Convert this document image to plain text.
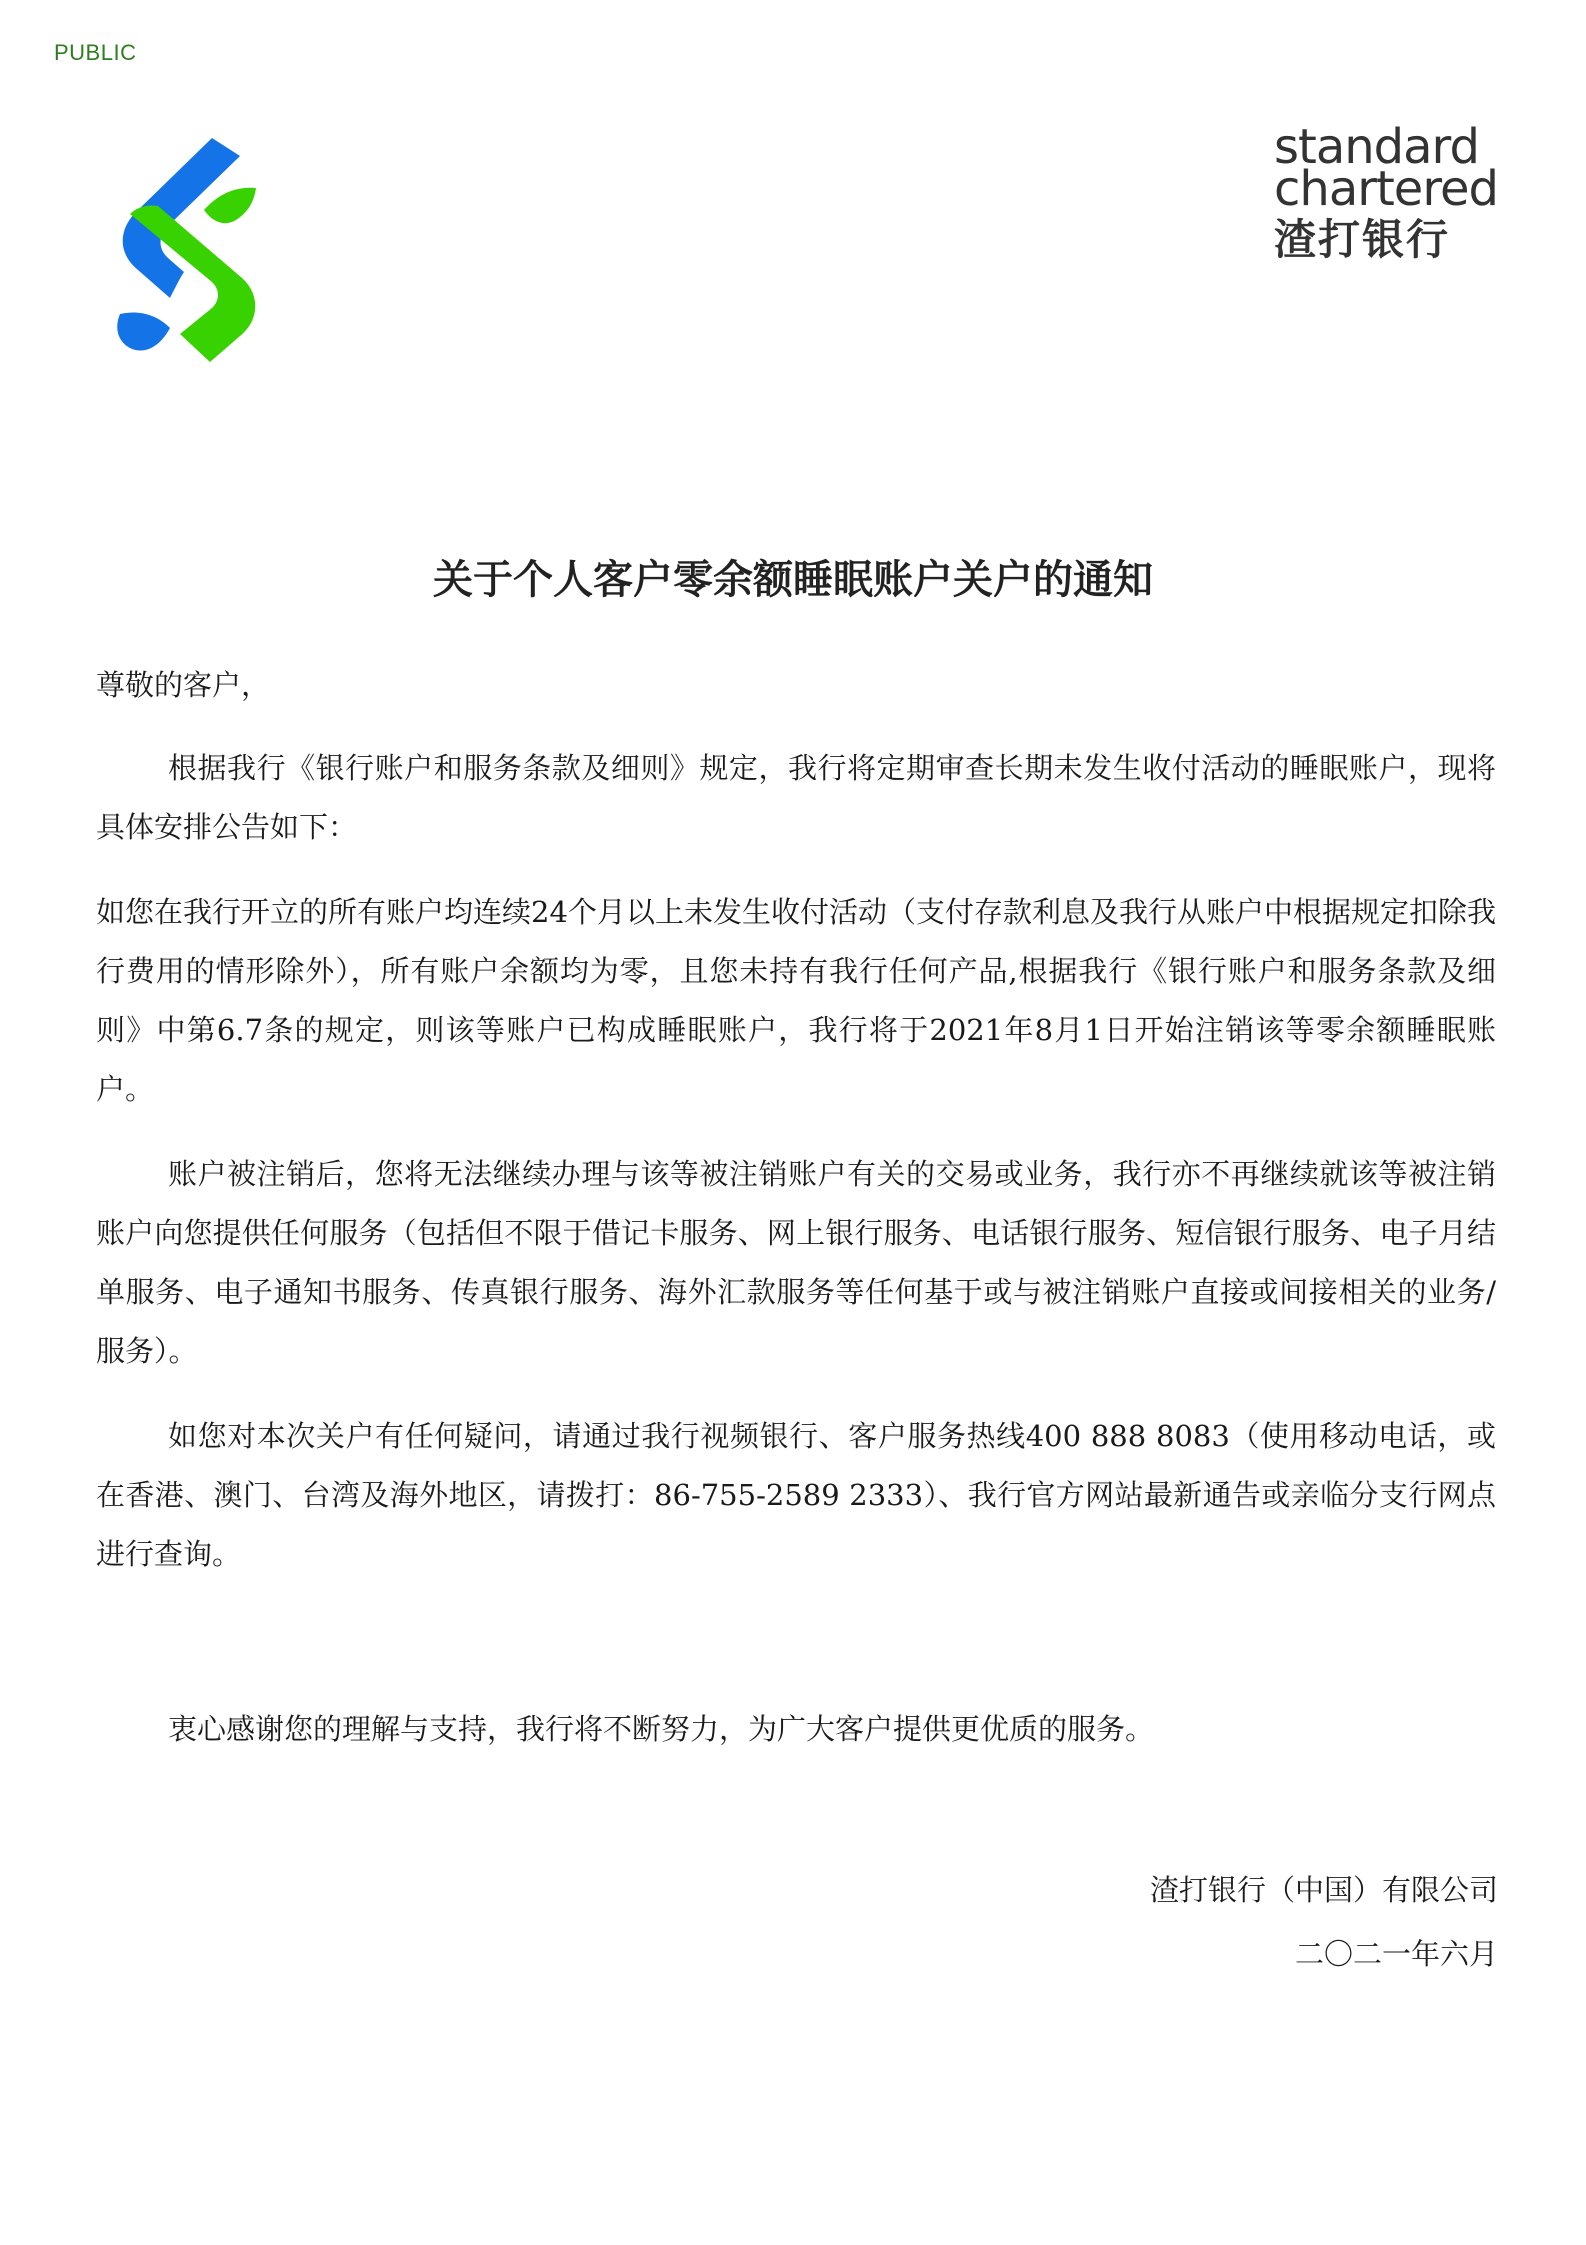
PUBLIC
standard
chartered
渣打银行
关于个人客户零余额睡眠账户关户的通知

尊敬的客户，

根据我行《银行账户和服务条款及细则》规定，我行将定期审查长期未发生收付活动的睡眠账户，现将具体安排公告如下：

如您在我行开立的所有账户均连续24个月以上未发生收付活动（支付存款利息及我行从账户中根据规定扣除我行费用的情形除外），所有账户余额均为零，且您未持有我行任何产品,根据我行《银行账户和服务条款及细则》中第6.7条的规定，则该等账户已构成睡眠账户，我行将于2021年8月1日开始注销该等零余额睡眠账户。

账户被注销后，您将无法继续办理与该等被注销账户有关的交易或业务，我行亦不再继续就该等被注销账户向您提供任何服务（包括但不限于借记卡服务、网上银行服务、电话银行服务、短信银行服务、电子月结单服务、电子通知书服务、传真银行服务、海外汇款服务等任何基于或与被注销账户直接或间接相关的业务/服务）。

如您对本次关户有任何疑问，请通过我行视频银行、客户服务热线400 888 8083（使用移动电话，或在香港、澳门、台湾及海外地区，请拨打：86-755-2589 2333）、我行官方网站最新通告或亲临分支行网点进行查询。

衷心感谢您的理解与支持，我行将不断努力，为广大客户提供更优质的服务。

渣打银行（中国）有限公司
二〇二一年六月
